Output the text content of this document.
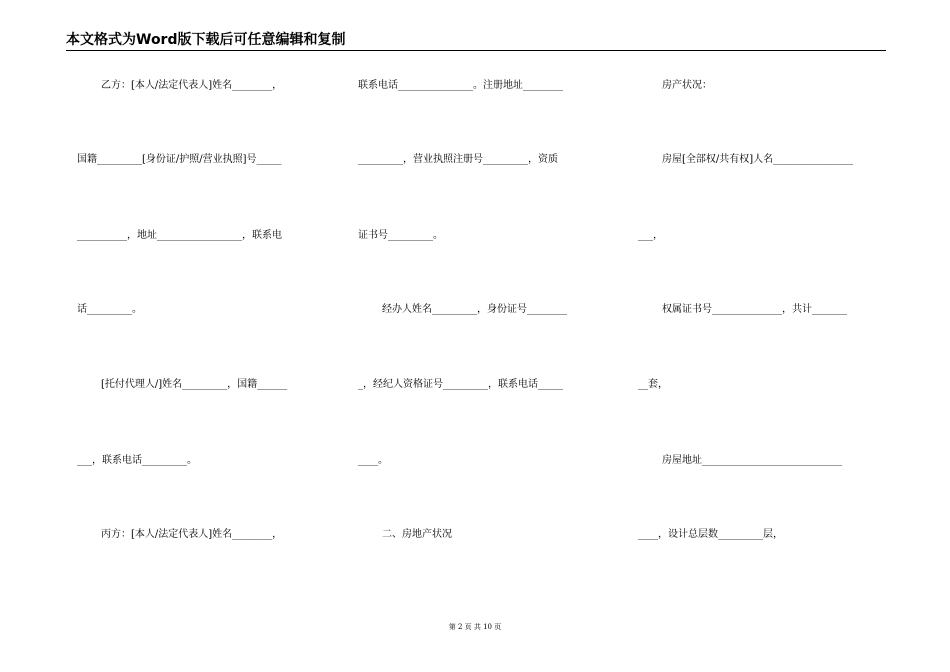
本文格式为Word版下载后可任意编辑和复制
乙方：[本人/法定代表人]姓名________，
国籍_________[身份证/护照/营业执照]号_____
__________，地址_________________，联系电
话_________。
[托付代理人/]姓名_________，国籍______
___，联系电话_________。
丙方：[本人/法定代表人]姓名________，
联系电话_______________。注册地址________
_________，营业执照注册号_________，资质
证书号_________。
经办人姓名_________，身份证号________
_，经纪人资格证号_________，联系电话_____
____。
二、房地产状况
房产状况：
房屋[全部权/共有权]人名________________
___，
权属证书号______________，共计_______
__套，
房屋地址____________________________
____，设计总层数_________层，
第 2 页 共 10 页
